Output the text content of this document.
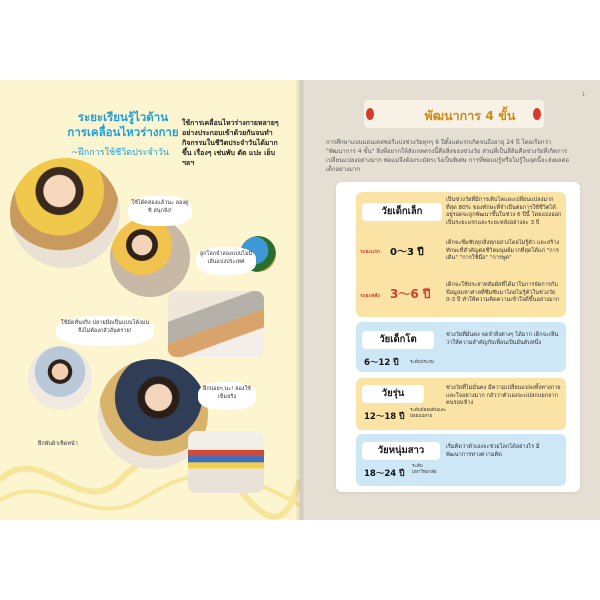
ระยะเรียนรู้ไวด้าน
การเคลื่อนไหวร่างกาย
~ฝึกการใช้ชีวิตประจำวัน
ใช้การเคลื่อนไหวร่างกายหลายๆ อย่างประกอบเข้าด้วยกันจนทำกิจกรรมในชีวิตประจำวันได้มากขึ้น เรื่องๆ เช่นพับ ตัด แปะ เย็บ ฯลฯ
ใช้ได้คล่องแล้วนะ ลองดูซิ สนุกจัง!
ลูกโลกจำลองแบบไม่มีเส้นแบ่งประเทศ
ใช้มีดหั่นจริง ปลายมีดเป็นแบบโค้งมนจึงไม่ต้องกลัวอันตราย!
ฝึกบ่อยๆ นะ! ลองใช้เข็มจริง
ฝึกพับผ้าเช็ดหน้า
1
พัฒนาการ 4 ขั้น
การศึกษาแบบมอนเตสซอรีแบ่งช่วงวัยทุกๆ 6 ปีตั้งแต่แรกเกิดจนถึงอายุ 24 ปี โดยเรียกว่า "พัฒนาการ 4 ขั้น" สิ่งที่อยากให้สังเกตตรงนี้คือสิ่งของช่วงวัย ส่วนที่เป็นสีส้มคือช่วงวัยที่เกิดการเปลี่ยนแปลงอย่างมาก พ่อแม่จึงต้องระมัดระวังเป็นพิเศษ การที่พ่อแม่รู้หรือไม่รู้ในจุดนี้จะส่งผลต่อเด็กอย่างมาก
วัยเด็กเล็ก
เป็นช่วงวัยที่มีการเติบโตและเปลี่ยนแปลงมากที่สุด 80% ของทักษะที่จำเป็นต่อการใช้ชีวิตได้อยู่รอดจะถูกพัฒนาขึ้นในช่วง 6 ปีนี้ โดยแบ่งออกเป็นระยะแรกและระยะหลังอย่างละ 3 ปี
ระยะแรก 0〜3 ปี
เด็กจะซึมซับทุกสิ่งทุกอย่างโดยไม่รู้ตัว และสร้างทักษะที่สำคัญต่อชีวิตมนุษย์มากที่สุดได้แก่ "การเดิน" "การใช้มือ" "การพูด"
ระยะหลัง 3〜6 ปี
เด็กจะใช้ประสาทสัมผัสที่ได้มาในการจัดการกับข้อมูลมหาศาลที่ซึมซับมาโดยไม่รู้ตัวในช่วงวัย 0-3 ปี ทำให้ความคิดความเข้าใจดีขึ้นอย่างมาก
วัยเด็กโต
6〜12 ปี	ระดับประถม
ช่วงวัยที่มั่นคง จดจำสิ่งต่างๆ ได้มาก เด็กจะเห็นว่าให้ความสำคัญกับเพื่อนเป็นอันดับหนึ่ง
วัยรุ่น
12〜18 ปี
ระดับมัธยมต้นและมัธยมปลาย
ช่วงวัยที่ไม่มั่นคง มีความเปลี่ยนแปลงทั้งทางกายและใจอย่างมาก กลัวว่าตัวเองจะแปลกแยกจากคนรอบข้าง
วัยหนุ่มสาว
18〜24 ปี
ระดับมหาวิทยาลัย
เริ่มคิดว่าตัวเองจะช่วยโลกได้อย่างไร มีพัฒนาการทางความคิด
